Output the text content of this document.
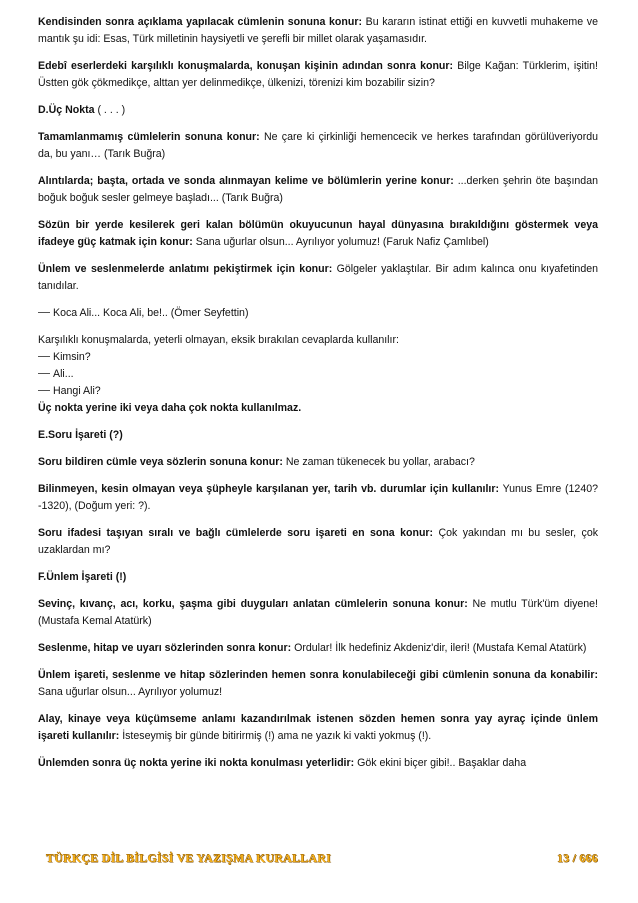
Kendisinden sonra açıklama yapılacak cümlenin sonuna konur: Bu kararın istinat ettiği en kuvvetli muhakeme ve mantık şu idi: Esas, Türk milletinin haysiyetli ve şerefli bir millet olarak yaşamasıdır.

Edebî eserlerdeki karşılıklı konuşmalarda, konuşan kişinin adından sonra konur: Bilge Kağan: Türklerim, işitin! Üstten gök çökmedikçe, alttan yer delinmedikçe, ülkenizi, törenizi kim bozabilir sizin?

D.Üç Nokta ( . . . )

Tamamlanmamış cümlelerin sonuna konur: Ne çare ki çirkinliği hemencecik ve herkes tarafından görülüveriyordu da, bu yanı… (Tarık Buğra)

Alıntılarda; başta, ortada ve sonda alınmayan kelime ve bölümlerin yerine konur: ...derken şehrin öte başından boğuk boğuk sesler gelmeye başladı... (Tarık Buğra)

Sözün bir yerde kesilerek geri kalan bölümün okuyucunun hayal dünyasına bırakıldığını göstermek veya ifadeye güç katmak için konur: Sana uğurlar olsun... Ayrılıyor yolumuz! (Faruk Nafiz Çamlıbel)

Ünlem ve seslenmelerde anlatımı pekiştirmek için konur: Gölgeler yaklaştılar. Bir adım kalınca onu kıyafetinden tanıdılar.

Koca Ali... Koca Ali, be!.. (Ömer Seyfettin)

Karşılıklı konuşmalarda, yeterli olmayan, eksik bırakılan cevaplarda kullanılır:

Kimsin?

Ali...

Hangi Ali?

Üç nokta yerine iki veya daha çok nokta kullanılmaz.

E.Soru İşareti (?)

Soru bildiren cümle veya sözlerin sonuna konur: Ne zaman tükenecek bu yollar, arabacı?

Bilinmeyen, kesin olmayan veya şüpheyle karşılanan yer, tarih vb. durumlar için kullanılır: Yunus Emre (1240?-1320), (Doğum yeri: ?).

Soru ifadesi taşıyan sıralı ve bağlı cümlelerde soru işareti en sona konur: Çok yakından mı bu sesler, çok uzaklardan mı?

F.Ünlem İşareti (!)

Sevinç, kıvanç, acı, korku, şaşma gibi duyguları anlatan cümlelerin sonuna konur: Ne mutlu Türk'üm diyene! (Mustafa Kemal Atatürk)

Seslenme, hitap ve uyarı sözlerinden sonra konur: Ordular! İlk hedefiniz Akdeniz'dir, ileri! (Mustafa Kemal Atatürk)

Ünlem işareti, seslenme ve hitap sözlerinden hemen sonra konulabileceği gibi cümlenin sonuna da konabilir: Sana uğurlar olsun... Ayrılıyor yolumuz!

Alay, kinaye veya küçümseme anlamı kazandırılmak istenen sözden hemen sonra yay ayraç içinde ünlem işareti kullanılır: İsteseymiş bir günde bitirirmiş (!) ama ne yazık ki vakti yokmuş (!).

Ünlemden sonra üç nokta yerine iki nokta konulması yeterlidir: Gök ekini biçer gibi!.. Başaklar daha

TÜRKÇE DİL BİLGİSİ VE YAZIŞMA KURALLARI	13 / 666
